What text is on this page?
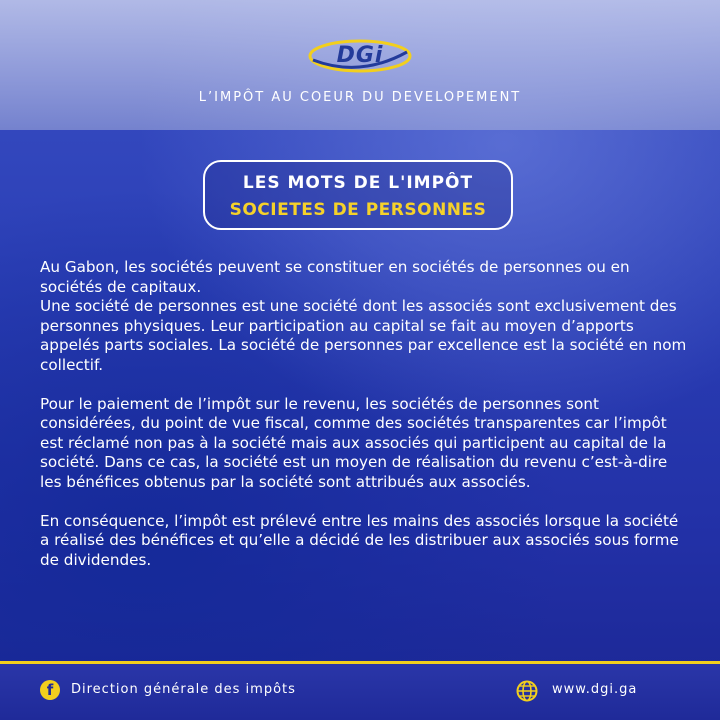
DGi
L’IMPÔT AU COEUR DU DEVELOPEMENT
LES MOTS DE L'IMPÔT
SOCIETES DE PERSONNES

Au Gabon, les sociétés peuvent se constituer en sociétés de personnes ou en sociétés de capitaux.
Une société de personnes est une société dont les associés sont exclusivement des personnes physiques. Leur participation au capital se fait au moyen d’apports appelés parts sociales. La société de personnes par excellence est la société en nom collectif.

Pour le paiement de l’impôt sur le revenu, les sociétés de personnes sont considérées, du point de vue fiscal, comme des sociétés transparentes car l’impôt est réclamé non pas à la société mais aux associés qui participent au capital de la société. Dans ce cas, la société est un moyen de réalisation du revenu c’est-à-dire les bénéfices obtenus par la société sont attribués aux associés.

En conséquence, l’impôt est prélevé entre les mains des associés lorsque la société a réalisé des bénéfices et qu’elle a décidé de les distribuer aux associés sous forme de dividendes.

f	Direction générale des impôts	www.dgi.ga
